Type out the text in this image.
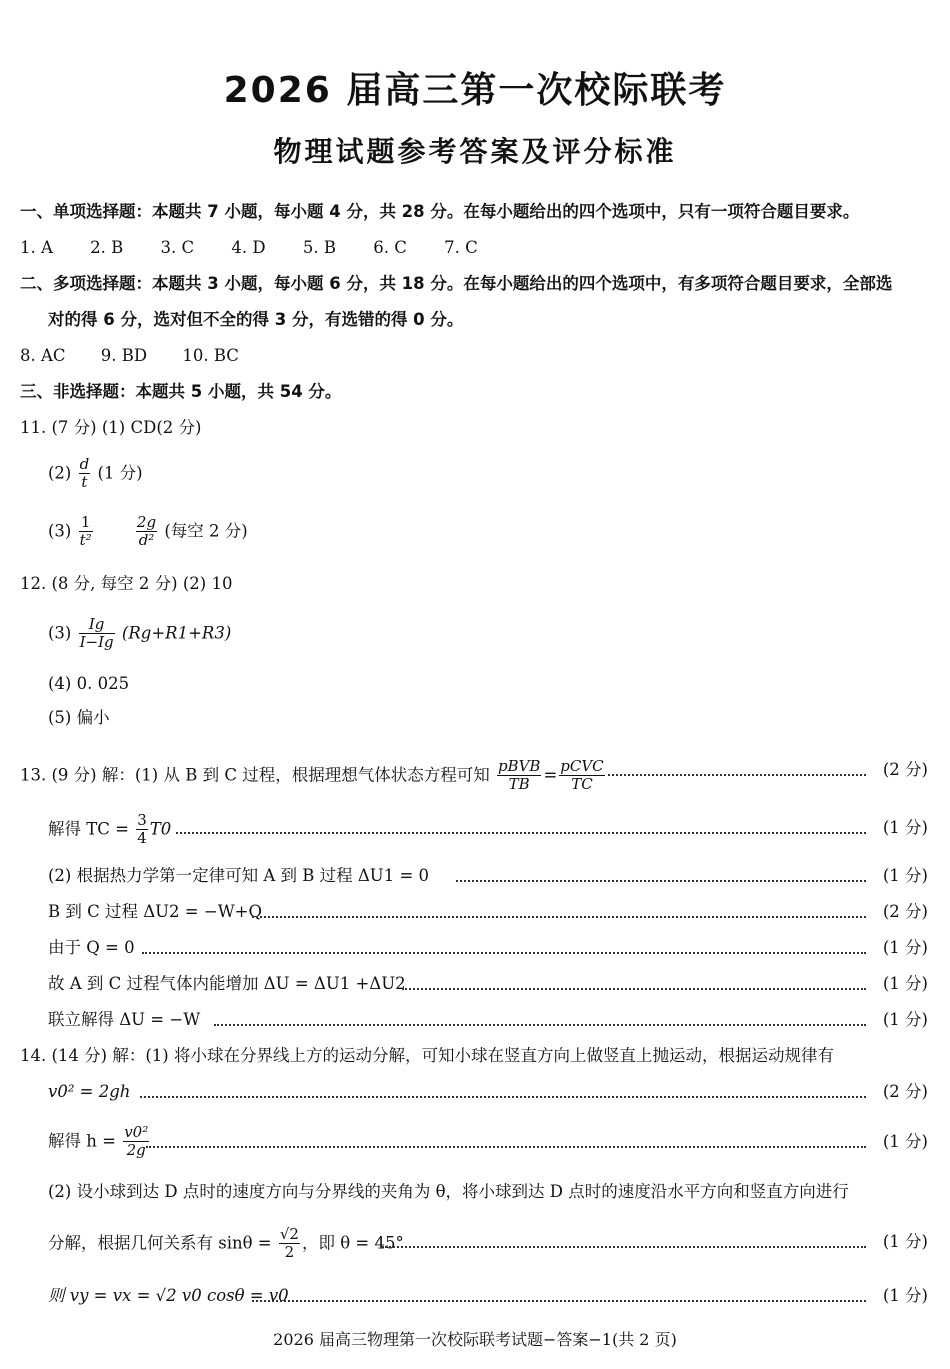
2026 届高三第一次校际联考
物理试题参考答案及评分标准
一、单项选择题：本题共 7 小题，每小题 4 分，共 28 分。在每小题给出的四个选项中，只有一项符合题目要求。
1. A 2. B 3. C 4. D 5. B 6. C 7. C
二、多项选择题：本题共 3 小题，每小题 6 分，共 18 分。在每小题给出的四个选项中，有多项符合题目要求，全部选
对的得 6 分，选对但不全的得 3 分，有选错的得 0 分。
8. AC 9. BD 10. BC
三、非选择题：本题共 5 小题，共 54 分。
11. (7 分) (1) CD(2 分)
$(2) \frac{d}{t} (1$ 分)
$(3) \frac{1}{\text{t²}}$
	$\frac{2g}{\text{d²}}$ (每空 2 分)
12. (8 分, 每空 2 分) (2) 10
$(3) \frac{Ig}{I-Ig} (Rg+R1+R3)$
(4) 0. 025
(5) 偏小
13. (9 分) 解：(1) 从 B 到 C 过程，根据理想气体状态方程可知 $\frac{\text{pBVB}}{TB} = \frac{\text{pCVC}}{TC}$	(2 分)
解得 TC = $\frac{3}{4} T0$	(1 分)
(2) 根据热力学第一定律可知 A 到 B 过程 ΔU1 = 0	(1 分)
B 到 C 过程 ΔU2 = −W+Q	(2 分)
由于 Q = 0	(1 分)
故 A 到 C 过程气体内能增加 ΔU = ΔU1 +ΔU2	(1 分)
联立解得 ΔU = −W	(1 分)
14. (14 分) 解：(1) 将小球在分界线上方的运动分解，可知小球在竖直方向上做竖直上抛运动，根据运动规律有
v0² = 2gh	(2 分)
解得 $h = \frac{\text{v0²}}{2g}$	(1 分)
(2) 设小球到达 D 点时的速度方向与分界线的夹角为 θ，将小球到达 D 点时的速度沿水平方向和竖直方向进行
分解，根据几何关系有 $\sin\theta = \frac{√2}{2}$ ，即 θ = 45°	(1 分)
则 vy = vx = √2 v0 cosθ = v0	(1 分)
2026 届高三物理第一次校际联考试题−答案−1(共 2 页)
